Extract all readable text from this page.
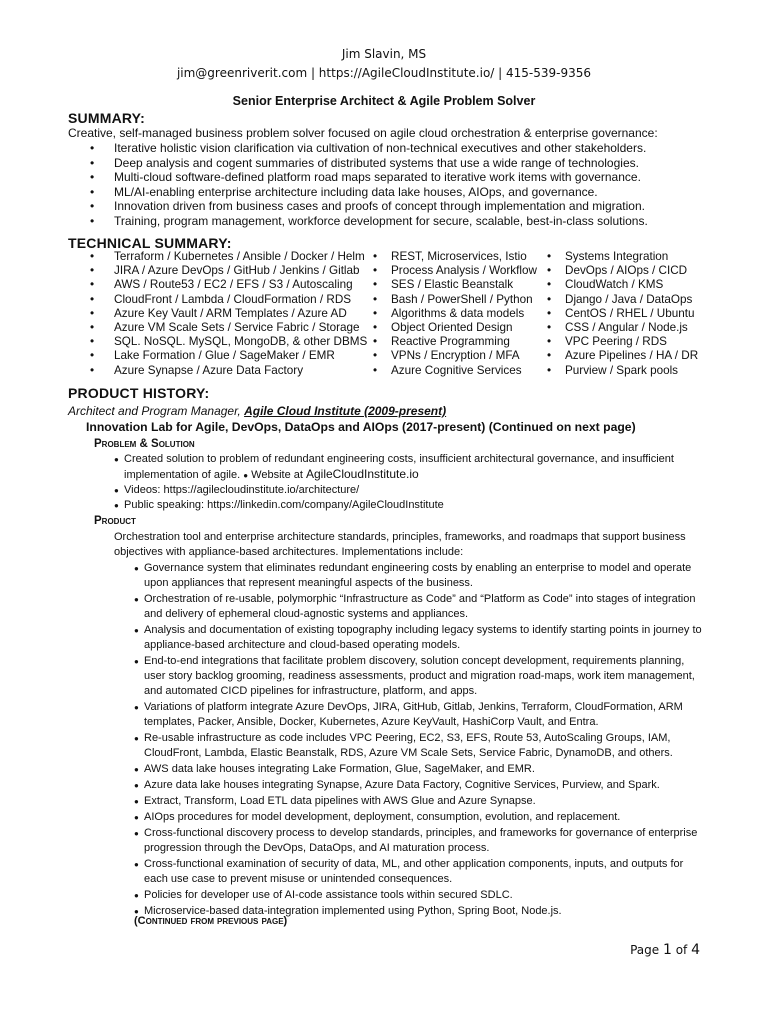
Jim Slavin, MS
jim@greenriverit.com | https://AgileCloudInstitute.io/ | 415-539-9356
Senior Enterprise Architect & Agile Problem Solver
SUMMARY:
Creative, self-managed business problem solver focused on agile cloud orchestration & enterprise governance:
• Iterative holistic vision clarification via cultivation of non-technical executives and other stakeholders.
• Deep analysis and cogent summaries of distributed systems that use a wide range of technologies.
• Multi-cloud software-defined platform road maps separated to iterative work items with governance.
• ML/AI-enabling enterprise architecture including data lake houses, AIOps, and governance.
• Innovation driven from business cases and proofs of concept through implementation and migration.
• Training, program management, workforce development for secure, scalable, best-in-class solutions.
TECHNICAL SUMMARY:
• Terraform / Kubernetes / Ansible / Docker / Helm
• JIRA / Azure DevOps / GitHub / Jenkins / Gitlab
• AWS / Route53 / EC2 / EFS / S3 / Autoscaling
• CloudFront / Lambda / CloudFormation / RDS
• Azure Key Vault / ARM Templates / Azure AD
• Azure VM Scale Sets / Service Fabric / Storage
• SQL. NoSQL. MySQL, MongoDB, & other DBMS
• Lake Formation / Glue / SageMaker / EMR
• Azure Synapse / Azure Data Factory
• REST, Microservices, Istio
• Process Analysis / Workflow
• SES / Elastic Beanstalk
• Bash / PowerShell / Python
• Algorithms & data models
• Object Oriented Design
• Reactive Programming
• VPNs / Encryption / MFA
• Azure Cognitive Services
• Systems Integration
• DevOps / AIOps / CICD
• CloudWatch / KMS
• Django / Java / DataOps
• CentOS / RHEL / Ubuntu
• CSS / Angular / Node.js
• VPC Peering / RDS
• Azure Pipelines / HA / DR
• Purview / Spark pools
PRODUCT HISTORY:
Architect and Program Manager, Agile Cloud Institute (2009-present)
Innovation Lab for Agile, DevOps, DataOps and AIOps (2017-present) (Continued on next page)
Problem & Solution
● Created solution to problem of redundant engineering costs, insufficient architectural governance, and insufficient implementation of agile. ● Website at AgileCloudInstitute.io
● Videos: https://agilecloudinstitute.io/architecture/
● Public speaking: https://linkedin.com/company/AgileCloudInstitute
Product
Orchestration tool and enterprise architecture standards, principles, frameworks, and roadmaps that support business objectives with appliance-based architectures. Implementations include:
● Governance system that eliminates redundant engineering costs by enabling an enterprise to model and operate upon appliances that represent meaningful aspects of the business.
● Orchestration of re-usable, polymorphic “Infrastructure as Code” and “Platform as Code” into stages of integration and delivery of ephemeral cloud-agnostic systems and appliances.
● Analysis and documentation of existing topography including legacy systems to identify starting points in journey to appliance-based architecture and cloud-based operating models.
● End-to-end integrations that facilitate problem discovery, solution concept development, requirements planning, user story backlog grooming, readiness assessments, product and migration road-maps, work item management, and automated CICD pipelines for infrastructure, platform, and apps.
● Variations of platform integrate Azure DevOps, JIRA, GitHub, Gitlab, Jenkins, Terraform, CloudFormation, ARM templates, Packer, Ansible, Docker, Kubernetes, Azure KeyVault, HashiCorp Vault, and Entra.
● Re-usable infrastructure as code includes VPC Peering, EC2, S3, EFS, Route 53, AutoScaling Groups, IAM, CloudFront, Lambda, Elastic Beanstalk, RDS, Azure VM Scale Sets, Service Fabric, DynamoDB, and others.
● AWS data lake houses integrating Lake Formation, Glue, SageMaker, and EMR.
● Azure data lake houses integrating Synapse, Azure Data Factory, Cognitive Services, Purview, and Spark.
● Extract, Transform, Load ETL data pipelines with AWS Glue and Azure Synapse.
● AIOps procedures for model development, deployment, consumption, evolution, and replacement.
● Cross-functional discovery process to develop standards, principles, and frameworks for governance of enterprise progression through the DevOps, DataOps, and AI maturation process.
● Cross-functional examination of security of data, ML, and other application components, inputs, and outputs for each use case to prevent misuse or unintended consequences.
● Policies for developer use of AI-code assistance tools within secured SDLC.
● Microservice-based data-integration implemented using Python, Spring Boot, Node.js.
(Continued from previous page)
Page 1 of 4
